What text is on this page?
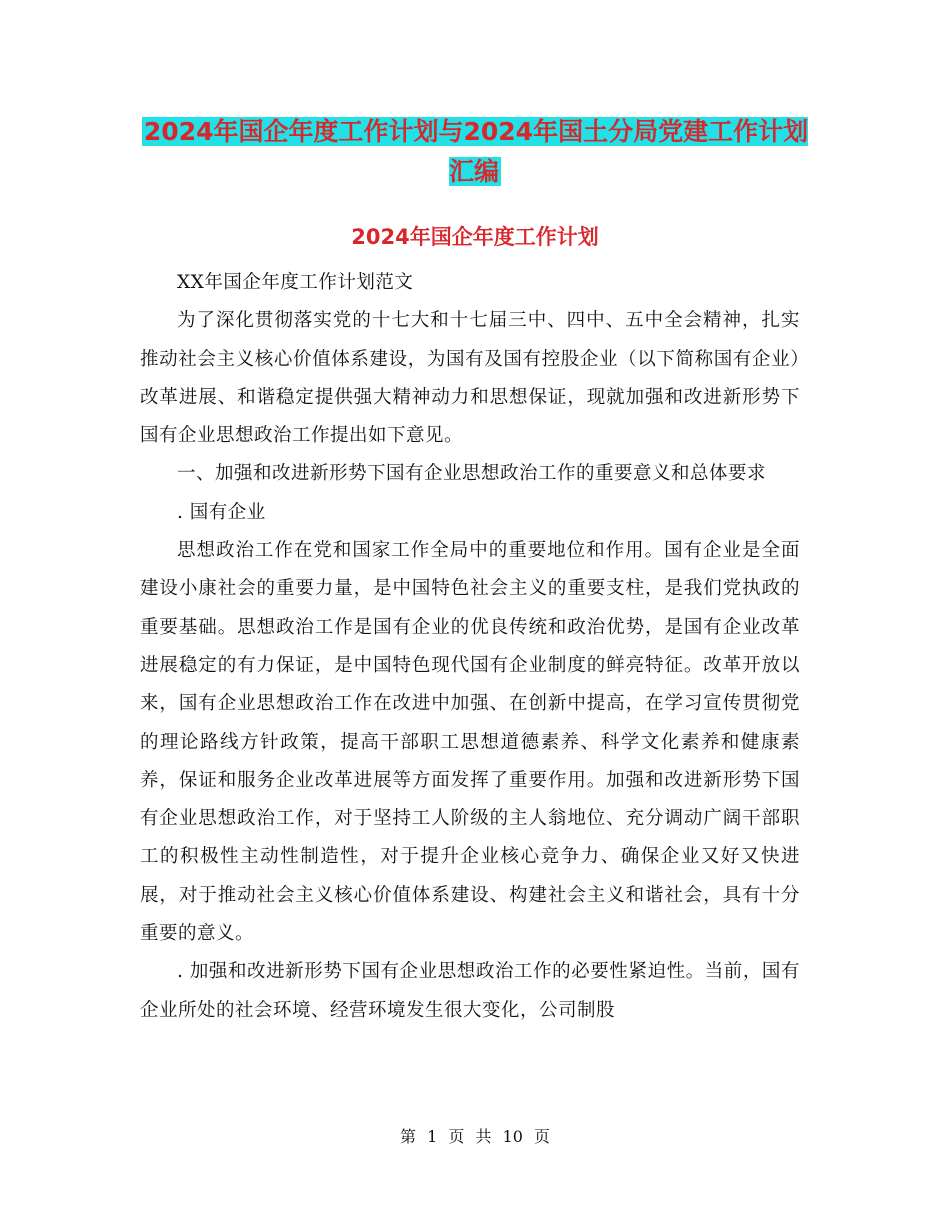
2024年国企年度工作计划与2024年国土分局党建工作计划汇编
2024年国企年度工作计划

XX年国企年度工作计划范文

为了深化贯彻落实党的十七大和十七届三中、四中、五中全会精神，扎实推动社会主义核心价值体系建设，为国有及国有控股企业（以下简称国有企业）改革进展、和谐稳定提供强大精神动力和思想保证，现就加强和改进新形势下国有企业思想政治工作提出如下意见。

一、加强和改进新形势下国有企业思想政治工作的重要意义和总体要求

. 国有企业

思想政治工作在党和国家工作全局中的重要地位和作用。国有企业是全面建设小康社会的重要力量，是中国特色社会主义的重要支柱，是我们党执政的重要基础。思想政治工作是国有企业的优良传统和政治优势，是国有企业改革进展稳定的有力保证，是中国特色现代国有企业制度的鲜亮特征。改革开放以来，国有企业思想政治工作在改进中加强、在创新中提高，在学习宣传贯彻党的理论路线方针政策，提高干部职工思想道德素养、科学文化素养和健康素养，保证和服务企业改革进展等方面发挥了重要作用。加强和改进新形势下国有企业思想政治工作，对于坚持工人阶级的主人翁地位、充分调动广阔干部职工的积极性主动性制造性，对于提升企业核心竞争力、确保企业又好又快进展，对于推动社会主义核心价值体系建设、构建社会主义和谐社会，具有十分重要的意义。

. 加强和改进新形势下国有企业思想政治工作的必要性紧迫性。当前，国有企业所处的社会环境、经营环境发生很大变化，公司制股

第 1 页 共 10 页
